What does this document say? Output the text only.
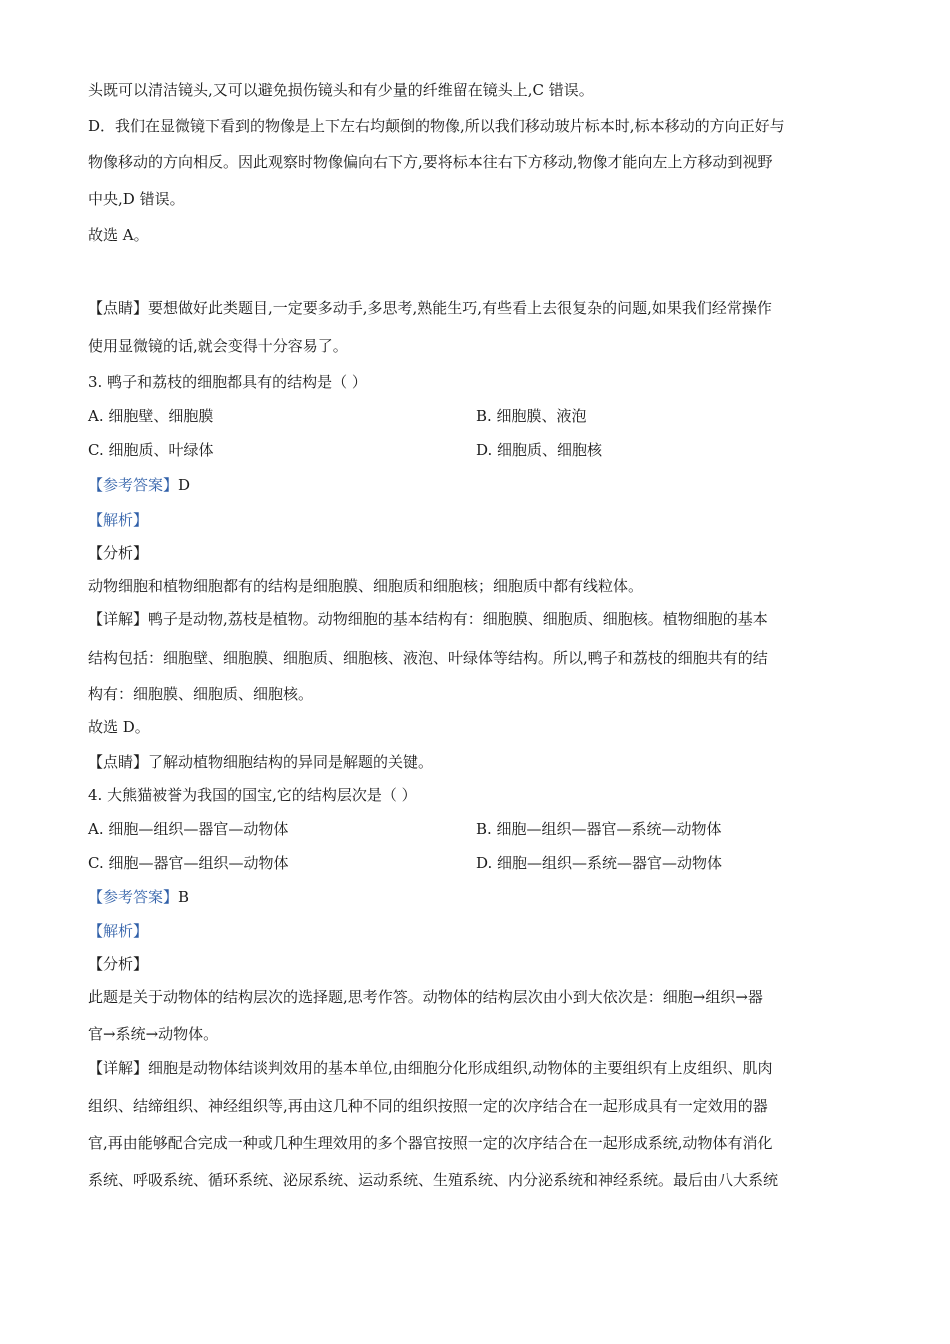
头既可以清洁镜头,又可以避免损伤镜头和有少量的纤维留在镜头上,C 错误。
D．我们在显微镜下看到的物像是上下左右均颠倒的物像,所以我们移动玻片标本时,标本移动的方向正好与
物像移动的方向相反。因此观察时物像偏向右下方,要将标本往右下方移动,物像才能向左上方移动到视野
中央,D 错误。
故选 A。
【点睛】要想做好此类题目,一定要多动手,多思考,熟能生巧,有些看上去很复杂的问题,如果我们经常操作
使用显微镜的话,就会变得十分容易了。
3. 鸭子和荔枝的细胞都具有的结构是（ ）
A. 细胞壁、细胞膜	B. 细胞膜、液泡
C. 细胞质、叶绿体	D. 细胞质、细胞核
【参考答案】D
【解析】
【分析】
动物细胞和植物细胞都有的结构是细胞膜、细胞质和细胞核；细胞质中都有线粒体。
【详解】鸭子是动物,荔枝是植物。动物细胞的基本结构有：细胞膜、细胞质、细胞核。植物细胞的基本
结构包括：细胞壁、细胞膜、细胞质、细胞核、液泡、叶绿体等结构。所以,鸭子和荔枝的细胞共有的结
构有：细胞膜、细胞质、细胞核。
故选 D。
【点睛】了解动植物细胞结构的异同是解题的关键。
4. 大熊猫被誉为我国的国宝,它的结构层次是（ ）
A. 细胞—组织—器官—动物体	B. 细胞—组织—器官—系统—动物体
C. 细胞—器官—组织—动物体	D. 细胞—组织—系统—器官—动物体
【参考答案】B
【解析】
【分析】
此题是关于动物体的结构层次的选择题,思考作答。动物体的结构层次由小到大依次是：细胞→组织→器
官→系统→动物体。
【详解】细胞是动物体结谈判效用的基本单位,由细胞分化形成组织,动物体的主要组织有上皮组织、肌肉
组织、结缔组织、神经组织等,再由这几种不同的组织按照一定的次序结合在一起形成具有一定效用的器
官,再由能够配合完成一种或几种生理效用的多个器官按照一定的次序结合在一起形成系统,动物体有消化
系统、呼吸系统、循环系统、泌尿系统、运动系统、生殖系统、内分泌系统和神经系统。最后由八大系统
